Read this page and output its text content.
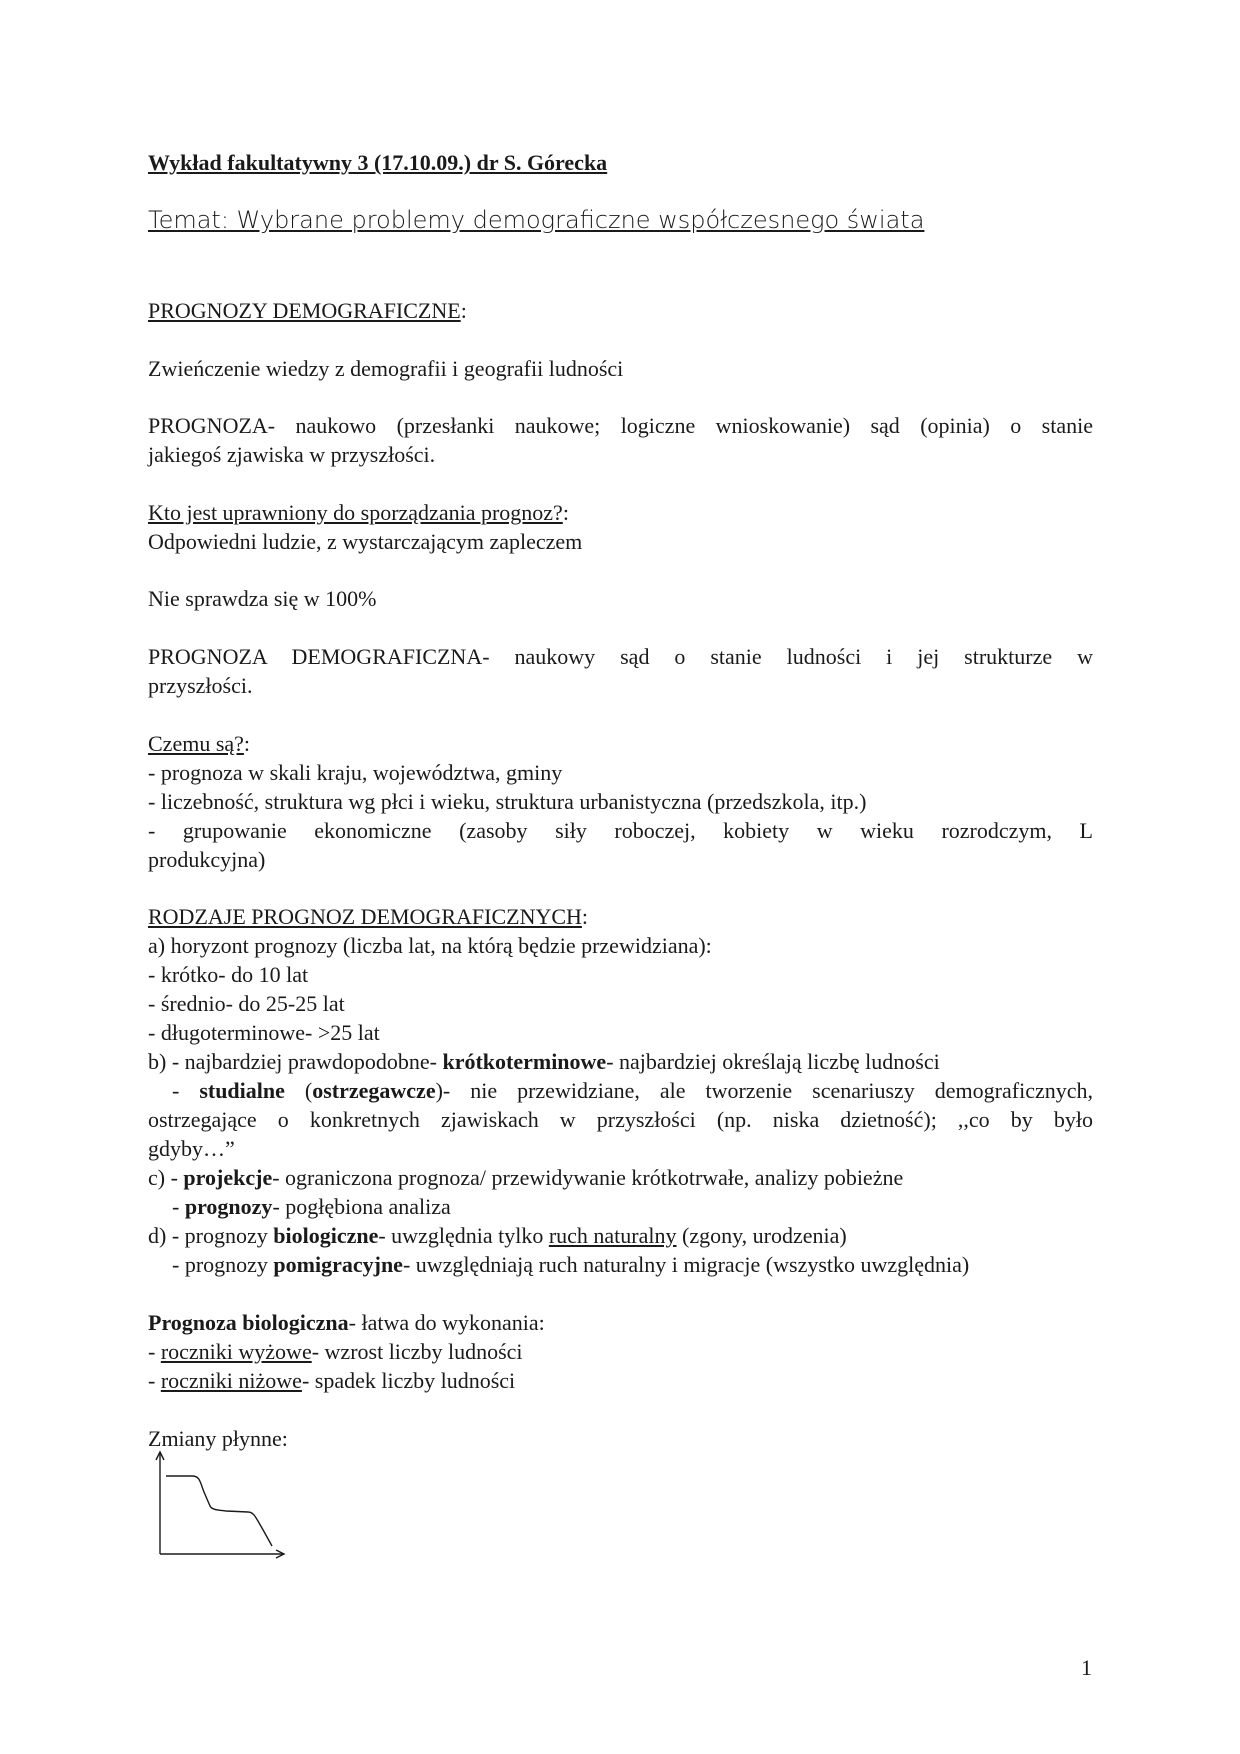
Wykład fakultatywny 3 (17.10.09.) dr S. Górecka
Temat: Wybrane problemy demograficzne współczesnego świata
PROGNOZY DEMOGRAFICZNE:
Zwieńczenie wiedzy z demografii i geografii ludności
PROGNOZA- naukowo (przesłanki naukowe; logiczne wnioskowanie) sąd (opinia) o stanie
jakiegoś zjawiska w przyszłości.
Kto jest uprawniony do sporządzania prognoz?:
Odpowiedni ludzie, z wystarczającym zapleczem
Nie sprawdza się w 100%
PROGNOZA DEMOGRAFICZNA- naukowy sąd o stanie ludności i jej strukturze w
przyszłości.
Czemu są?:
- prognoza w skali kraju, województwa, gminy
- liczebność, struktura wg płci i wieku, struktura urbanistyczna (przedszkola, itp.)
- grupowanie ekonomiczne (zasoby siły roboczej, kobiety w wieku rozrodczym, L
produkcyjna)
RODZAJE PROGNOZ DEMOGRAFICZNYCH:
a) horyzont prognozy (liczba lat, na którą będzie przewidziana):
- krótko- do 10 lat
- średnio- do 25-25 lat
- długoterminowe- >25 lat
b) - najbardziej prawdopodobne- krótkoterminowe- najbardziej określają liczbę ludności
- studialne (ostrzegawcze)- nie przewidziane, ale tworzenie scenariuszy demograficznych,
ostrzegające o konkretnych zjawiskach w przyszłości (np. niska dzietność); ,,co by było
gdyby…”
c) - projekcje- ograniczona prognoza/ przewidywanie krótkotrwałe, analizy pobieżne
- prognozy- pogłębiona analiza
d) - prognozy biologiczne- uwzględnia tylko ruch naturalny (zgony, urodzenia)
- prognozy pomigracyjne- uwzględniają ruch naturalny i migracje (wszystko uwzględnia)
Prognoza biologiczna- łatwa do wykonania:
- roczniki wyżowe- wzrost liczby ludności
- roczniki niżowe- spadek liczby ludności
Zmiany płynne:
1
